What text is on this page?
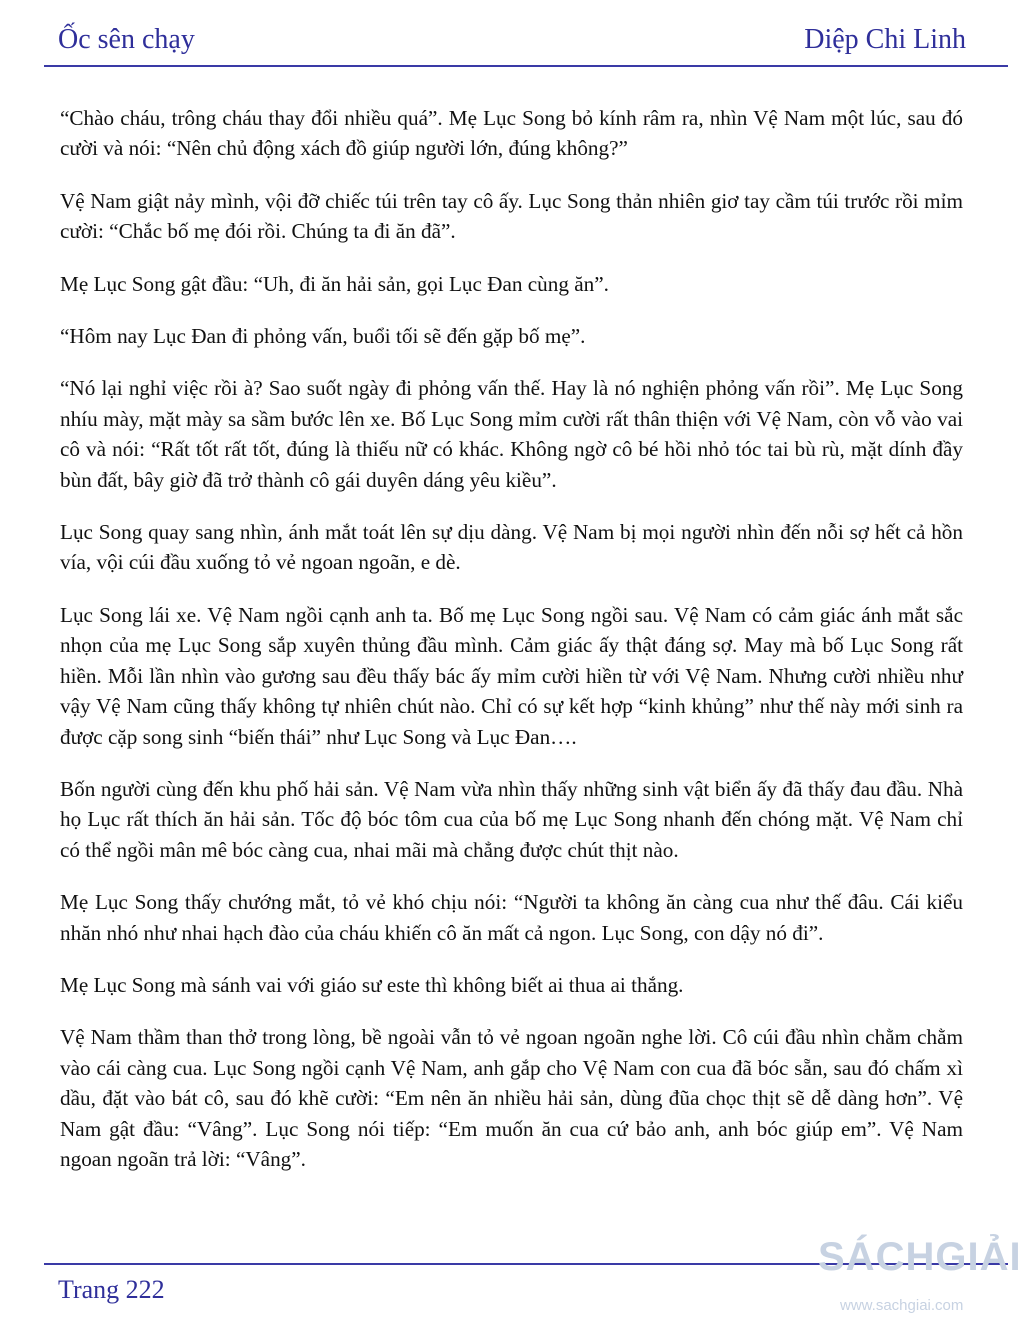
Ốc sên chạy	Diệp Chi Linh

“Chào cháu, trông cháu thay đổi nhiều quá”. Mẹ Lục Song bỏ kính râm ra, nhìn Vệ Nam một lúc, sau đó cười và nói: “Nên chủ động xách đồ giúp người lớn, đúng không?”

Vệ Nam giật nảy mình, vội đỡ chiếc túi trên tay cô ấy. Lục Song thản nhiên giơ tay cầm túi trước rồi mỉm cười: “Chắc bố mẹ đói rồi. Chúng ta đi ăn đã”.

Mẹ Lục Song gật đầu: “Uh, đi ăn hải sản, gọi Lục Đan cùng ăn”.

“Hôm nay Lục Đan đi phỏng vấn, buổi tối sẽ đến gặp bố mẹ”.

“Nó lại nghỉ việc rồi à? Sao suốt ngày đi phỏng vấn thế. Hay là nó nghiện phỏng vấn rồi”. Mẹ Lục Song nhíu mày, mặt mày sa sầm bước lên xe. Bố Lục Song mỉm cười rất thân thiện với Vệ Nam, còn vỗ vào vai cô và nói: “Rất tốt rất tốt, đúng là thiếu nữ có khác. Không ngờ cô bé hồi nhỏ tóc tai bù rù, mặt dính đầy bùn đất, bây giờ đã trở thành cô gái duyên dáng yêu kiều”.

Lục Song quay sang nhìn, ánh mắt toát lên sự dịu dàng. Vệ Nam bị mọi người nhìn đến nỗi sợ hết cả hồn vía, vội cúi đầu xuống tỏ vẻ ngoan ngoãn, e dè.

Lục Song lái xe. Vệ Nam ngồi cạnh anh ta. Bố mẹ Lục Song ngồi sau. Vệ Nam có cảm giác ánh mắt sắc nhọn của mẹ Lục Song sắp xuyên thủng đầu mình. Cảm giác ấy thật đáng sợ. May mà bố Lục Song rất hiền. Mỗi lần nhìn vào gương sau đều thấy bác ấy mỉm cười hiền từ với Vệ Nam. Nhưng cười nhiều như vậy Vệ Nam cũng thấy không tự nhiên chút nào. Chỉ có sự kết hợp “kinh khủng” như thế này mới sinh ra được cặp song sinh “biến thái” như Lục Song và Lục Đan….

Bốn người cùng đến khu phố hải sản. Vệ Nam vừa nhìn thấy những sinh vật biển ấy đã thấy đau đầu. Nhà họ Lục rất thích ăn hải sản. Tốc độ bóc tôm cua của bố mẹ Lục Song nhanh đến chóng mặt. Vệ Nam chỉ có thể ngồi mân mê bóc càng cua, nhai mãi mà chẳng được chút thịt nào.

Mẹ Lục Song thấy chướng mắt, tỏ vẻ khó chịu nói: “Người ta không ăn càng cua như thế đâu. Cái kiểu nhăn nhó như nhai hạch đào của cháu khiến cô ăn mất cả ngon. Lục Song, con dậy nó đi”.

Mẹ Lục Song mà sánh vai với giáo sư este thì không biết ai thua ai thắng.

Vệ Nam thầm than thở trong lòng, bề ngoài vẫn tỏ vẻ ngoan ngoãn nghe lời. Cô cúi đầu nhìn chằm chằm vào cái càng cua. Lục Song ngồi cạnh Vệ Nam, anh gắp cho Vệ Nam con cua đã bóc sẵn, sau đó chấm xì dầu, đặt vào bát cô, sau đó khẽ cười: “Em nên ăn nhiều hải sản, dùng đũa chọc thịt sẽ dễ dàng hơn”. Vệ Nam gật đầu: “Vâng”. Lục Song nói tiếp: “Em muốn ăn cua cứ bảo anh, anh bóc giúp em”. Vệ Nam ngoan ngoãn trả lời: “Vâng”.

Trang 222
SÁCHGIẢI
www.sachgiai.com
